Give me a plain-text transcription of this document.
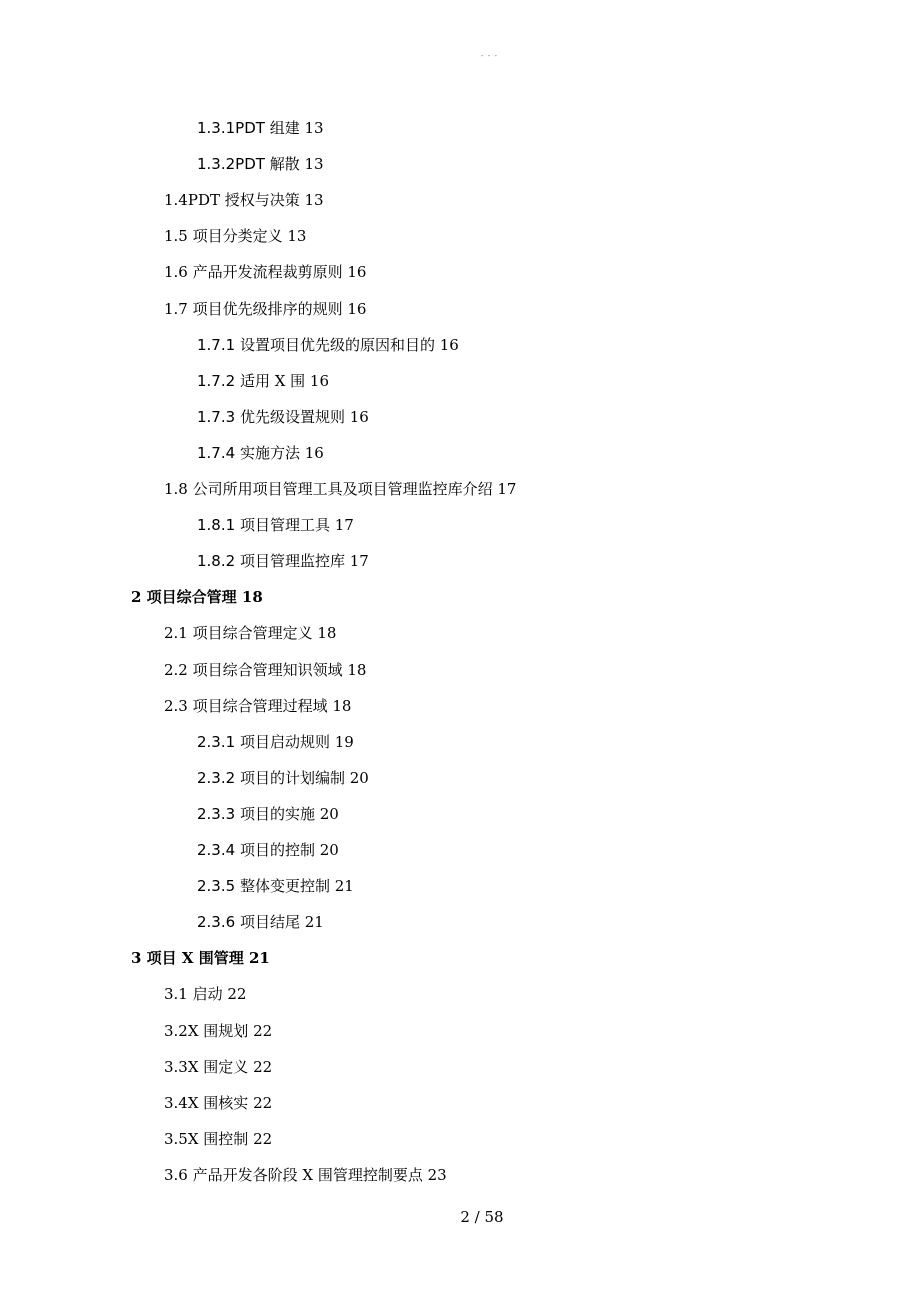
- - -
1.3.1PDT 组建 13
1.3.2PDT 解散 13
1.4PDT 授权与决策 13
1.5 项目分类定义 13
1.6 产品开发流程裁剪原则 16
1.7 项目优先级排序的规则 16
1.7.1 设置项目优先级的原因和目的 16
1.7.2 适用 X 围 16
1.7.3 优先级设置规则 16
1.7.4 实施方法 16
1.8 公司所用项目管理工具及项目管理监控库介绍 17
1.8.1 项目管理工具 17
1.8.2 项目管理监控库 17
2 项目综合管理 18
2.1 项目综合管理定义 18
2.2 项目综合管理知识领域 18
2.3 项目综合管理过程域 18
2.3.1 项目启动规则 19
2.3.2 项目的计划编制 20
2.3.3 项目的实施 20
2.3.4 项目的控制 20
2.3.5 整体变更控制 21
2.3.6 项目结尾 21
3 项目 X 围管理 21
3.1 启动 22
3.2X 围规划 22
3.3X 围定义 22
3.4X 围核实 22
3.5X 围控制 22
3.6 产品开发各阶段 X 围管理控制要点 23
2 / 58
